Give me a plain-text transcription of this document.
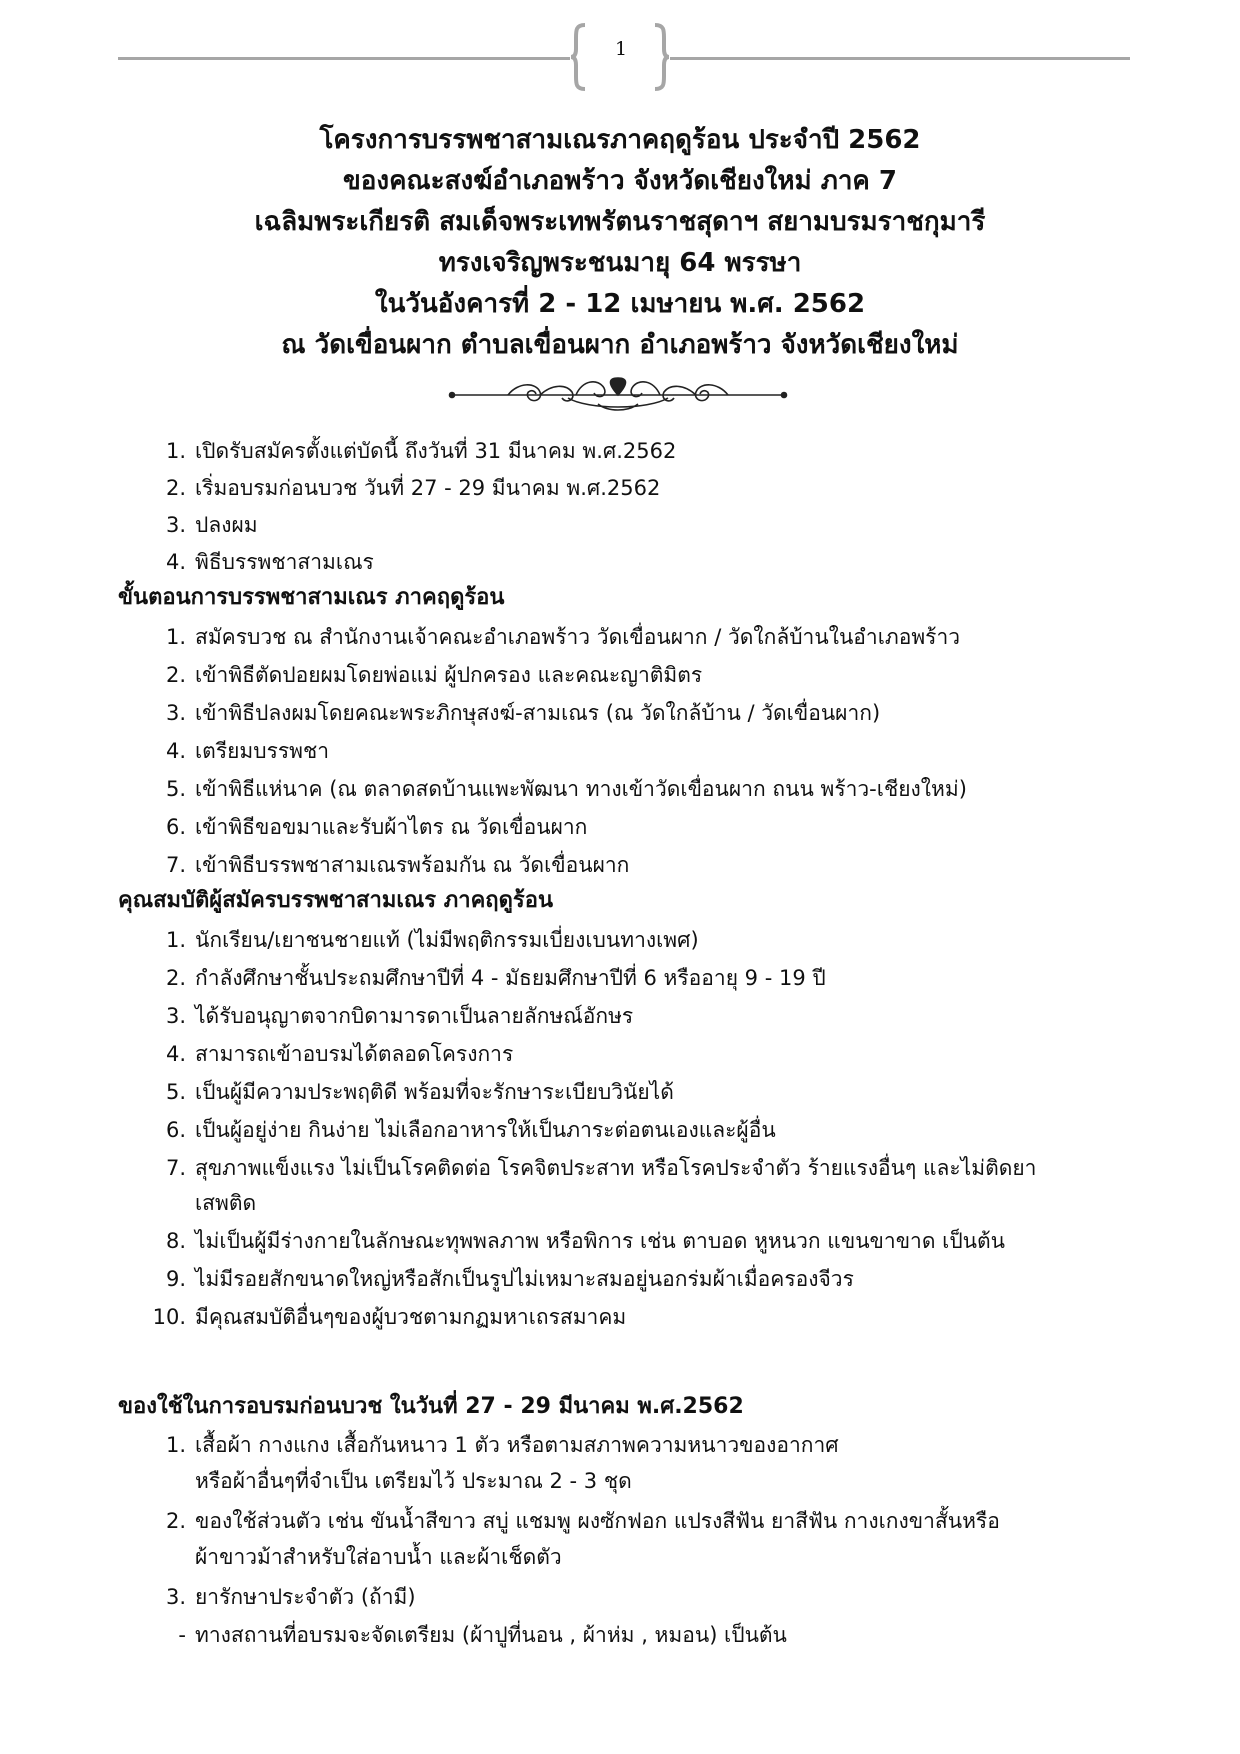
1
โครงการบรรพชาสามเณรภาคฤดูร้อน ประจำปี 2562
ของคณะสงฆ์อำเภอพร้าว จังหวัดเชียงใหม่ ภาค 7
เฉลิมพระเกียรติ สมเด็จพระเทพรัตนราชสุดาฯ สยามบรมราชกุมารี
ทรงเจริญพระชนมายุ 64 พรรษา
ในวันอังคารที่ 2 - 12 เมษายน พ.ศ. 2562
ณ วัดเขื่อนผาก ตำบลเขื่อนผาก อำเภอพร้าว จังหวัดเชียงใหม่
1. เปิดรับสมัครตั้งแต่บัดนี้ ถึงวันที่ 31 มีนาคม พ.ศ.2562
2. เริ่มอบรมก่อนบวช วันที่ 27 - 29 มีนาคม พ.ศ.2562
3. ปลงผม
4. พิธีบรรพชาสามเณร
ขั้นตอนการบรรพชาสามเณร ภาคฤดูร้อน
1. สมัครบวช ณ สำนักงานเจ้าคณะอำเภอพร้าว วัดเขื่อนผาก / วัดใกล้บ้านในอำเภอพร้าว
2. เข้าพิธีตัดปอยผมโดยพ่อแม่ ผู้ปกครอง และคณะญาติมิตร
3. เข้าพิธีปลงผมโดยคณะพระภิกษุสงฆ์-สามเณร (ณ วัดใกล้บ้าน / วัดเขื่อนผาก)
4. เตรียมบรรพชา
5. เข้าพิธีแห่นาค (ณ ตลาดสดบ้านแพะพัฒนา ทางเข้าวัดเขื่อนผาก ถนน พร้าว-เชียงใหม่)
6. เข้าพิธีขอขมาและรับผ้าไตร ณ วัดเขื่อนผาก
7. เข้าพิธีบรรพชาสามเณรพร้อมกัน ณ วัดเขื่อนผาก
คุณสมบัติผู้สมัครบรรพชาสามเณร ภาคฤดูร้อน
1. นักเรียน/เยาชนชายแท้ (ไม่มีพฤติกรรมเบี่ยงเบนทางเพศ)
2. กำลังศึกษาชั้นประถมศึกษาปีที่ 4 - มัธยมศึกษาปีที่ 6 หรืออายุ 9 - 19 ปี
3. ได้รับอนุญาตจากบิดามารดาเป็นลายลักษณ์อักษร
4. สามารถเข้าอบรมได้ตลอดโครงการ
5. เป็นผู้มีความประพฤติดี พร้อมที่จะรักษาระเบียบวินัยได้
6. เป็นผู้อยู่ง่าย กินง่าย ไม่เลือกอาหารให้เป็นภาระต่อตนเองและผู้อื่น
7. สุขภาพแข็งแรง ไม่เป็นโรคติดต่อ โรคจิตประสาท หรือโรคประจำตัว ร้ายแรงอื่นๆ และไม่ติดยา
เสพติด
8. ไม่เป็นผู้มีร่างกายในลักษณะทุพพลภาพ หรือพิการ เช่น ตาบอด หูหนวก แขนขาขาด เป็นต้น
9. ไม่มีรอยสักขนาดใหญ่หรือสักเป็นรูปไม่เหมาะสมอยู่นอกร่มผ้าเมื่อครองจีวร
10. มีคุณสมบัติอื่นๆของผู้บวชตามกฏมหาเถรสมาคม
ของใช้ในการอบรมก่อนบวช ในวันที่ 27 - 29 มีนาคม พ.ศ.2562
1. เสื้อผ้า กางแกง เสื้อกันหนาว 1 ตัว หรือตามสภาพความหนาวของอากาศ
หรือผ้าอื่นๆที่จำเป็น เตรียมไว้ ประมาณ 2 - 3 ชุด
2. ของใช้ส่วนตัว เช่น ขันน้ำสีขาว สบู่ แชมพู ผงซักฟอก แปรงสีฟัน ยาสีฟัน กางเกงขาสั้นหรือ
ผ้าขาวม้าสำหรับใส่อาบน้ำ และผ้าเช็ดตัว
3. ยารักษาประจำตัว (ถ้ามี)
- ทางสถานที่อบรมจะจัดเตรียม (ผ้าปูที่นอน , ผ้าห่ม , หมอน) เป็นต้น
